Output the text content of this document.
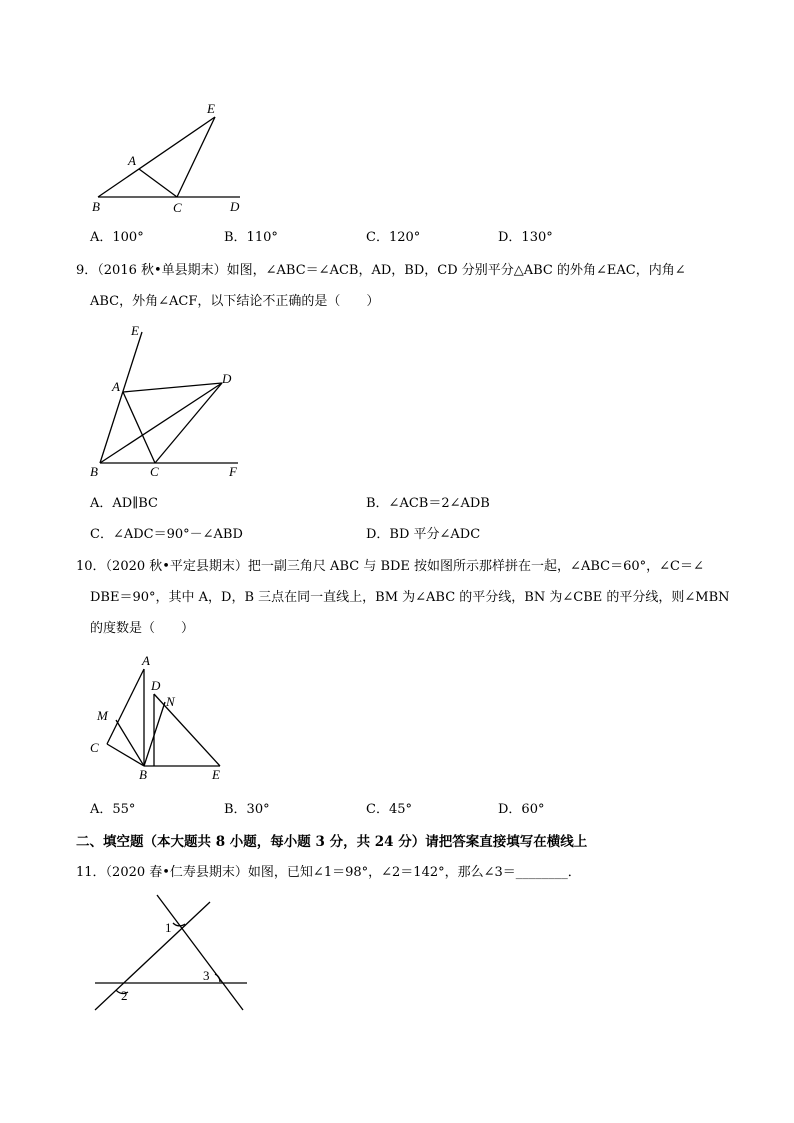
E
A
B	C	D
A．100°	B．110°	C．120°	D．130°
9．（2016 秋•单县期末）如图，∠ABC＝∠ACB，AD，BD，CD 分别平分△ABC 的外角∠EAC，内角∠
ABC，外角∠ACF，以下结论不正确的是（　　）
E
A
D
B	C	F
A．AD∥BC	B．∠ACB＝2∠ADB
C．∠ADC＝90°－∠ABD	D．BD 平分∠ADC
10．（2020 秋•平定县期末）把一副三角尺 ABC 与 BDE 按如图所示那样拼在一起，∠ABC＝60°，∠C＝∠
DBE＝90°，其中 A，D，B 三点在同一直线上，BM 为∠ABC 的平分线，BN 为∠CBE 的平分线，则∠MBN
的度数是（　　）
A
D
N
M
C
B	E
A．55°	B．30°	C．45°	D．60°
二、填空题（本大题共 8 小题，每小题 3 分，共 24 分）请把答案直接填写在横线上
11．（2020 春•仁寿县期末）如图，已知∠1＝98°，∠2＝142°，那么∠3＝________．
1
2
3
